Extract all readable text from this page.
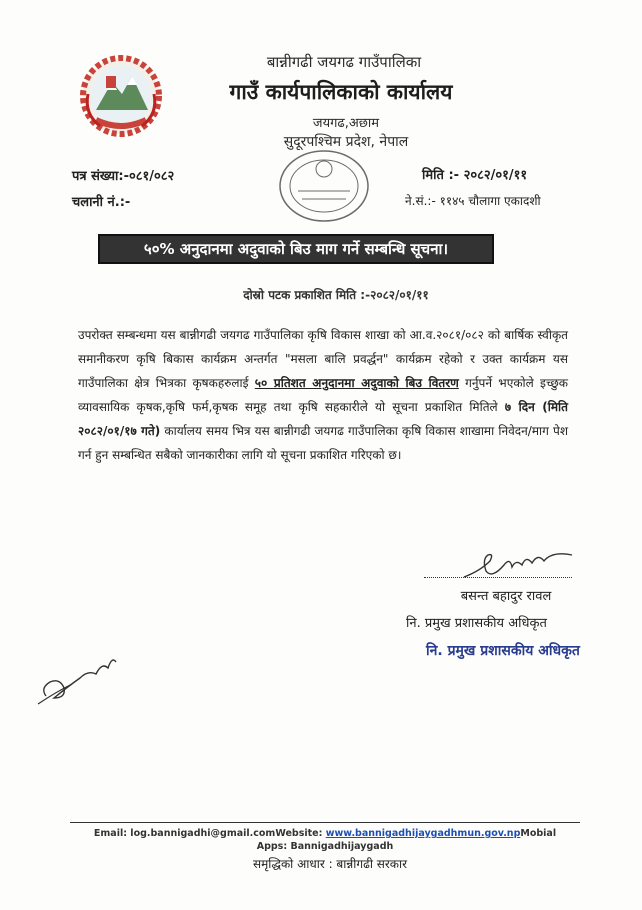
बान्नीगढी जयगढ गाउँपालिका
गाउँ कार्यपालिकाको कार्यालय
जयगढ,अछाम
सुदूरपश्चिम प्रदेश, नेपाल
पत्र संख्या:-०८१/०८२
चलानी नं.:-
मिति :- २०८२/०१/११
ने.सं.:- ११४५ चौलागा एकादशी
५०% अनुदानमा अदुवाको बिउ माग गर्ने सम्बन्धि सूचना।
दोस्रो पटक प्रकाशित मिति :-२०८२/०१/११
उपरोक्त सम्बन्धमा यस बान्नीगढी जयगढ गाउँपालिका कृषि विकास शाखा को आ.व.२०८१/०८२ को बार्षिक स्वीकृत समानीकरण कृषि बिकास कार्यक्रम अन्तर्गत "मसला बालि प्रवर्द्धन" कार्यक्रम रहेको र उक्त कार्यक्रम यस गाउँपालिका क्षेत्र भित्रका कृषकहरुलाई ५० प्रतिशत अनुदानमा अदुवाको बिउ वितरण गर्नुपर्ने भएकोले इच्छुक व्यावसायिक कृषक,कृषि फर्म,कृषक समूह तथा कृषि सहकारीले यो सूचना प्रकाशित मितिले ७ दिन (मिति २०८२/०१/१७ गते) कार्यालय समय भित्र यस बान्नीगढी जयगढ गाउँपालिका कृषि विकास शाखामा निवेदन/माग पेश गर्न हुन सम्बन्धित सबैको जानकारीका लागि यो सूचना प्रकाशित गरिएको छ।
बसन्त बहादुर रावल
नि. प्रमुख प्रशासकीय अधिकृत
नि. प्रमुख प्रशासकीय अधिकृत
Email: log.bannigadhi@gmail.comWebsite: www.bannigadhijaygadhmun.gov.npMobial Apps: Bannigadhijaygadh
समृद्धिको आधार : बान्नीगढी सरकार
